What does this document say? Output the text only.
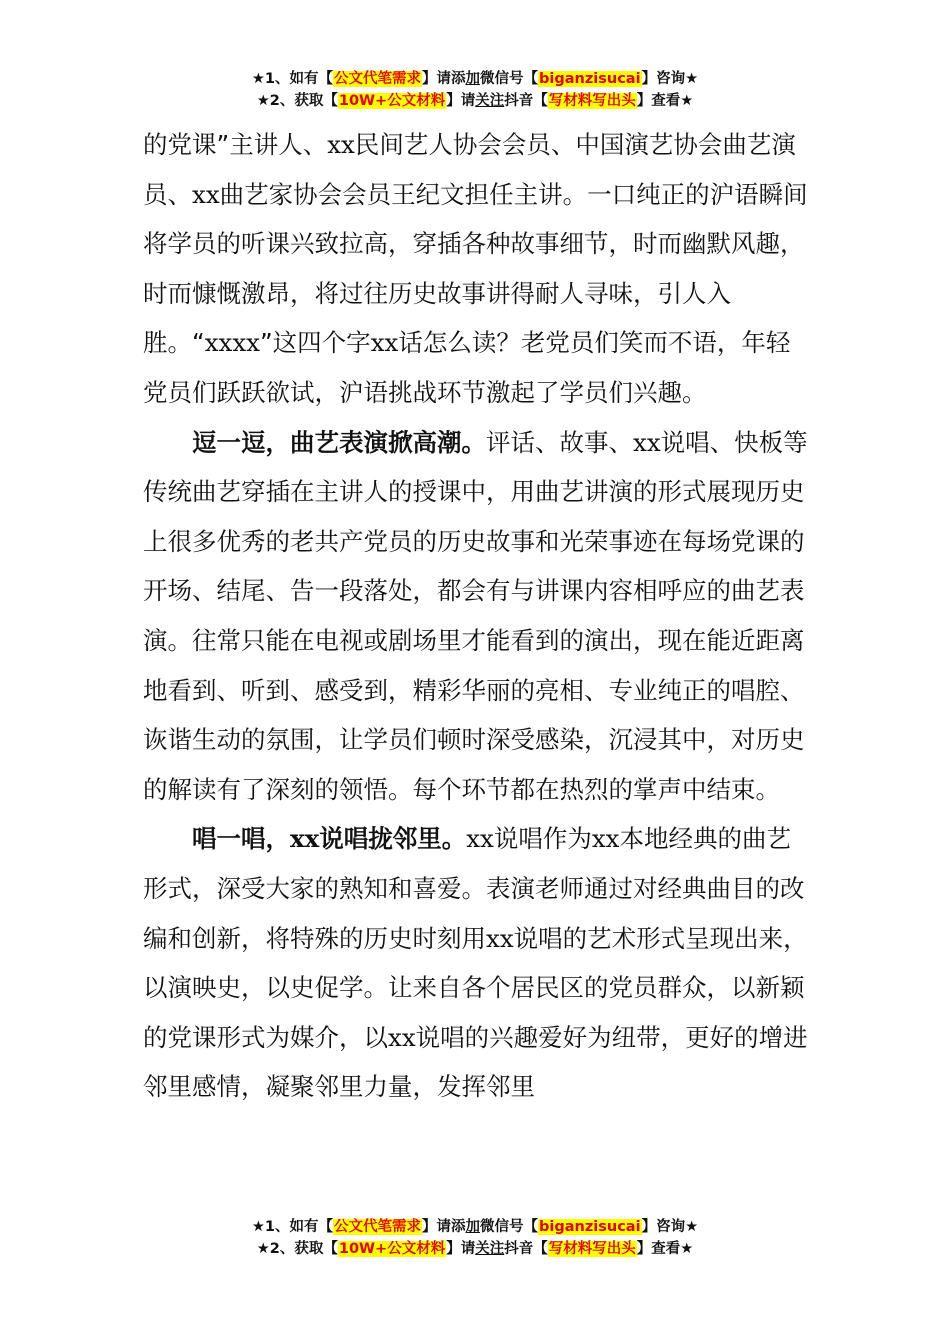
★1、如有【公文代笔需求】请添加微信号【biganzisucai】咨询★
★2、获取【10W+公文材料】请关注抖音【写材料写出头】查看★

的党课”主讲人、xx民间艺人协会会员、中国演艺协会曲艺演员、xx曲艺家协会会员王纪文担任主讲。一口纯正的沪语瞬间将学员的听课兴致拉高，穿插各种故事细节，时而幽默风趣，时而慷慨激昂，将过往历史故事讲得耐人寻味，引人入胜。“xxxx”这四个字xx话怎么读？老党员们笑而不语，年轻党员们跃跃欲试，沪语挑战环节激起了学员们兴趣。

逗一逗，曲艺表演掀高潮。评话、故事、xx说唱、快板等传统曲艺穿插在主讲人的授课中，用曲艺讲演的形式展现历史上很多优秀的老共产党员的历史故事和光荣事迹在每场党课的开场、结尾、告一段落处，都会有与讲课内容相呼应的曲艺表演。往常只能在电视或剧场里才能看到的演出，现在能近距离地看到、听到、感受到，精彩华丽的亮相、专业纯正的唱腔、诙谐生动的氛围，让学员们顿时深受感染，沉浸其中，对历史的解读有了深刻的领悟。每个环节都在热烈的掌声中结束。

唱一唱，xx说唱拢邻里。xx说唱作为xx本地经典的曲艺形式，深受大家的熟知和喜爱。表演老师通过对经典曲目的改编和创新，将特殊的历史时刻用xx说唱的艺术形式呈现出来，以演映史，以史促学。让来自各个居民区的党员群众，以新颖的党课形式为媒介，以xx说唱的兴趣爱好为纽带，更好的增进邻里感情，凝聚邻里力量，发挥邻里

★1、如有【公文代笔需求】请添加微信号【biganzisucai】咨询★
★2、获取【10W+公文材料】请关注抖音【写材料写出头】查看★
